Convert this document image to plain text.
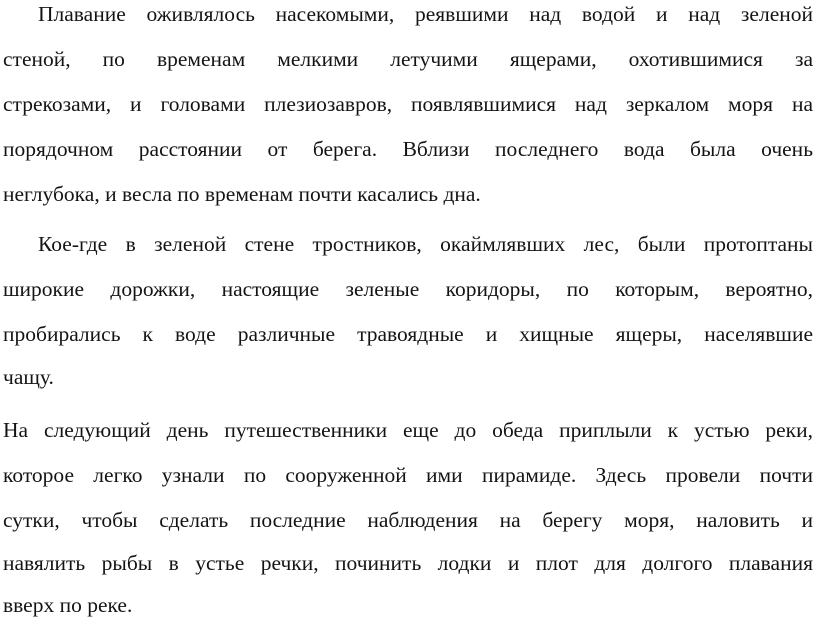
Плавание оживлялось насекомыми, реявшими над водой и над зеленой
стеной, по временам мелкими летучими ящерами, охотившимися за
стрекозами, и головами плезиозавров, появлявшимися над зеркалом моря на
порядочном расстоянии от берега. Вблизи последнего вода была очень
неглубока, и весла по временам почти касались дна.
Кое-где в зеленой стене тростников, окаймлявших лес, были протоптаны
широкие дорожки, настоящие зеленые коридоры, по которым, вероятно,
пробирались к воде различные травоядные и хищные ящеры, населявшие
чащу.
На следующий день путешественники еще до обеда приплыли к устью реки,
которое легко узнали по сооруженной ими пирамиде. Здесь провели почти
сутки, чтобы сделать последние наблюдения на берегу моря, наловить и
навялить рыбы в устье речки, починить лодки и плот для долгого плавания
вверх по реке.
